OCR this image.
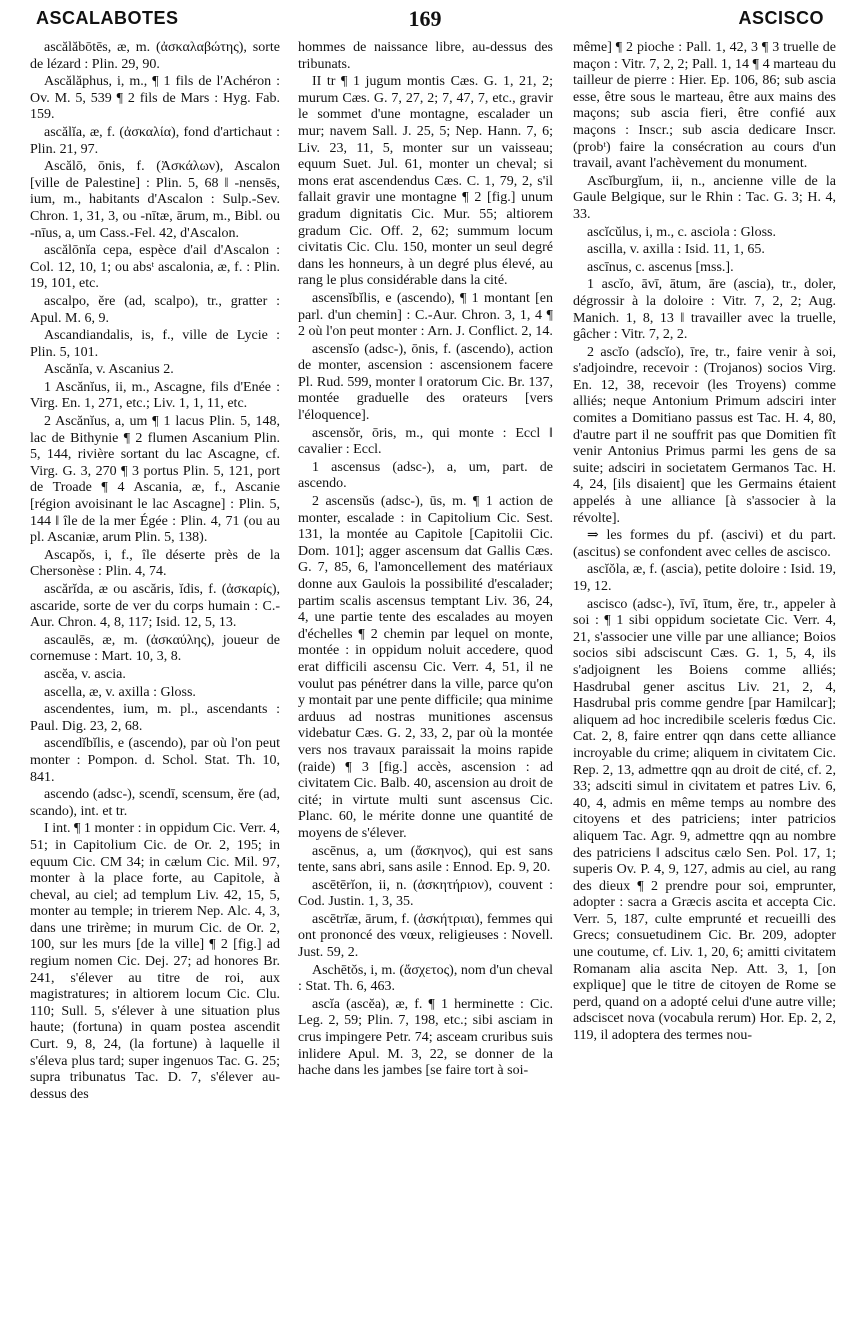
ASCALABOTES	169	ASCISCO

ascălăbōtēs, æ, m. (ἀσκαλαβώτης), sorte de lézard : Plin. 29, 90.

Ascălăphus, i, m., ¶ 1 fils de l'Achéron : Ov. M. 5, 539 ¶ 2 fils de Mars : Hyg. Fab. 159.

ascălĭa, æ, f. (ἀσκαλία), fond d'artichaut : Plin. 21, 97.

Ascălō, ōnis, f. (Ἀσκάλων), Ascalon [ville de Palestine] : Plin. 5, 68 ‖ -nensēs, ium, m., habitants d'Ascalon : Sulp.-Sev. Chron. 1, 31, 3, ou -nītæ, ārum, m., Bibl. ou -nīus, a, um Cass.-Fel. 42, d'Ascalon.

ascălōnĭa cepa, espèce d'ail d'Ascalon : Col. 12, 10, 1; ou absᵗ ascalonia, æ, f. : Plin. 19, 101, etc.

ascalpo, ĕre (ad, scalpo), tr., gratter : Apul. M. 6, 9.

Ascandiandalis, is, f., ville de Lycie : Plin. 5, 101.

Ascănĭa, v. Ascanius 2.

1 Ascănĭus, ii, m., Ascagne, fils d'Enée : Virg. En. 1, 271, etc.; Liv. 1, 1, 11, etc.

2 Ascănĭus, a, um ¶ 1 lacus Plin. 5, 148, lac de Bithynie ¶ 2 flumen Ascanium Plin. 5, 144, rivière sortant du lac Ascagne, cf. Virg. G. 3, 270 ¶ 3 portus Plin. 5, 121, port de Troade ¶ 4 Ascania, æ, f., Ascanie [région avoisinant le lac Ascagne] : Plin. 5, 144 ‖ île de la mer Égée : Plin. 4, 71 (ou au pl. Ascaniæ, arum Plin. 5, 138).

Ascapŏs, i, f., île déserte près de la Chersonèse : Plin. 4, 74.

ascărĭda, æ ou ascăris, ĭdis, f. (ἀσκαρίς), ascaride, sorte de ver du corps humain : C.-Aur. Chron. 4, 8, 117; Isid. 12, 5, 13.

ascaulēs, æ, m. (ἀσκαύλης), joueur de cornemuse : Mart. 10, 3, 8.

ascĕa, v. ascia.

ascella, æ, v. axilla : Gloss.

ascendentes, ium, m. pl., ascendants : Paul. Dig. 23, 2, 68.

ascendĭbĭlis, e (ascendo), par où l'on peut monter : Pompon. d. Schol. Stat. Th. 10, 841.

ascendo (adsc-), scendī, scensum, ĕre (ad, scando), int. et tr.

I int. ¶ 1 monter : in oppidum Cic. Verr. 4, 51; in Capitolium Cic. de Or. 2, 195; in equum Cic. CM 34; in cælum Cic. Mil. 97, monter à la place forte, au Capitole, à cheval, au ciel; ad templum Liv. 42, 15, 5, monter au temple; in trierem Nep. Alc. 4, 3, dans une trirème; in murum Cic. de Or. 2, 100, sur les murs [de la ville] ¶ 2 [fig.] ad regium nomen Cic. Dej. 27; ad honores Br. 241, s'élever au titre de roi, aux magistratures; in altiorem locum Cic. Clu. 110; Sull. 5, s'élever à une situation plus haute; (fortuna) in quam postea ascendit Curt. 9, 8, 24, (la fortune) à laquelle il s'éleva plus tard; super ingenuos Tac. G. 25; supra tribunatus Tac. D. 7, s'élever au-dessus des

hommes de naissance libre, au-dessus des tribunats.

II tr ¶ 1 jugum montis Cæs. G. 1, 21, 2; murum Cæs. G. 7, 27, 2; 7, 47, 7, etc., gravir le sommet d'une montagne, escalader un mur; navem Sall. J. 25, 5; Nep. Hann. 7, 6; Liv. 23, 11, 5, monter sur un vaisseau; equum Suet. Jul. 61, monter un cheval; si mons erat ascendendus Cæs. C. 1, 79, 2, s'il fallait gravir une montagne ¶ 2 [fig.] unum gradum dignitatis Cic. Mur. 55; altiorem gradum Cic. Off. 2, 62; summum locum civitatis Cic. Clu. 150, monter un seul degré dans les honneurs, à un degré plus élevé, au rang le plus considérable dans la cité.

ascensĭbĭlis, e (ascendo), ¶ 1 montant [en parl. d'un chemin] : C.-Aur. Chron. 3, 1, 4 ¶ 2 où l'on peut monter : Arn. J. Conflict. 2, 14.

ascensĭo (adsc-), ōnis, f. (ascendo), action de monter, ascension : ascensionem facere Pl. Rud. 599, monter ‖ oratorum Cic. Br. 137, montée graduelle des orateurs [vers l'éloquence].

ascensŏr, ōris, m., qui monte : Eccl ‖ cavalier : Eccl.

1 ascensus (adsc-), a, um, part. de ascendo.

2 ascensŭs (adsc-), ūs, m. ¶ 1 action de monter, escalade : in Capitolium Cic. Sest. 131, la montée au Capitole [Capitolii Cic. Dom. 101]; agger ascensum dat Gallis Cæs. G. 7, 85, 6, l'amoncellement des matériaux donne aux Gaulois la possibilité d'escalader; partim scalis ascensus temptant Liv. 36, 24, 4, une partie tente des escalades au moyen d'échelles ¶ 2 chemin par lequel on monte, montée : in oppidum noluit accedere, quod erat difficili ascensu Cic. Verr. 4, 51, il ne voulut pas pénétrer dans la ville, parce qu'on y montait par une pente difficile; qua minime arduus ad nostras munitiones ascensus videbatur Cæs. G. 2, 33, 2, par où la montée vers nos travaux paraissait la moins rapide (raide) ¶ 3 [fig.] accès, ascension : ad civitatem Cic. Balb. 40, ascension au droit de cité; in virtute multi sunt ascensus Cic. Planc. 60, le mérite donne une quantité de moyens de s'élever.

ascēnus, a, um (ἄσκηνος), qui est sans tente, sans abri, sans asile : Ennod. Ep. 9, 20.

ascētērĭon, ii, n. (ἀσκητήριον), couvent : Cod. Justin. 1, 3, 35.

ascētrĭæ, ārum, f. (ἀσκήτριαι), femmes qui ont prononcé des vœux, religieuses : Novell. Just. 59, 2.

Aschētŏs, i, m. (ἄσχετος), nom d'un cheval : Stat. Th. 6, 463.

ascĭa (ascĕa), æ, f. ¶ 1 herminette : Cic. Leg. 2, 59; Plin. 7, 198, etc.; sibi asciam in crus impingere Petr. 74; asceam cruribus suis inlidere Apul. M. 3, 22, se donner de la hache dans les jambes [se faire tort à soi-

même] ¶ 2 pioche : Pall. 1, 42, 3 ¶ 3 truelle de maçon : Vitr. 7, 2, 2; Pall. 1, 14 ¶ 4 marteau du tailleur de pierre : Hier. Ep. 106, 86; sub ascia esse, être sous le marteau, être aux mains des maçons; sub ascia fieri, être confié aux maçons : Inscr.; sub ascia dedicare Inscr. (probᵗ) faire la consécration au cours d'un travail, avant l'achèvement du monument.

Ascĭburgĭum, ii, n., ancienne ville de la Gaule Belgique, sur le Rhin : Tac. G. 3; H. 4, 33.

ascĭcŭlus, i, m., c. asciola : Gloss.

ascilla, v. axilla : Isid. 11, 1, 65.

ascīnus, c. ascenus [mss.].

1 ascĭo, āvī, ātum, āre (ascia), tr., doler, dégrossir à la doloire : Vitr. 7, 2, 2; Aug. Manich. 1, 8, 13 ‖ travailler avec la truelle, gâcher : Vitr. 7, 2, 2.

2 ascĭo (adscĭo), īre, tr., faire venir à soi, s'adjoindre, recevoir : (Trojanos) socios Virg. En. 12, 38, recevoir (les Troyens) comme alliés; neque Antonium Primum adsciri inter comites a Domitiano passus est Tac. H. 4, 80, d'autre part il ne souffrit pas que Domitien fît venir Antonius Primus parmi les gens de sa suite; adsciri in societatem Germanos Tac. H. 4, 24, [ils disaient] que les Germains étaient appelés à une alliance [à s'associer à la révolte].

⇒ les formes du pf. (ascivi) et du part. (ascitus) se confondent avec celles de ascisco.

ascĭŏla, æ, f. (ascia), petite doloire : Isid. 19, 19, 12.

ascisco (adsc-), īvī, ītum, ĕre, tr., appeler à soi : ¶ 1 sibi oppidum societate Cic. Verr. 4, 21, s'associer une ville par une alliance; Boios socios sibi adsciscunt Cæs. G. 1, 5, 4, ils s'adjoignent les Boiens comme alliés; Hasdrubal gener ascitus Liv. 21, 2, 4, Hasdrubal pris comme gendre [par Hamilcar]; aliquem ad hoc incredibile sceleris fœdus Cic. Cat. 2, 8, faire entrer qqn dans cette alliance incroyable du crime; aliquem in civitatem Cic. Rep. 2, 13, admettre qqn au droit de cité, cf. 2, 33; adsciti simul in civitatem et patres Liv. 6, 40, 4, admis en même temps au nombre des citoyens et des patriciens; inter patricios aliquem Tac. Agr. 9, admettre qqn au nombre des patriciens ‖ adscitus cælo Sen. Pol. 17, 1; superis Ov. P. 4, 9, 127, admis au ciel, au rang des dieux ¶ 2 prendre pour soi, emprunter, adopter : sacra a Græcis ascita et accepta Cic. Verr. 5, 187, culte emprunté et recueilli des Grecs; consuetudinem Cic. Br. 209, adopter une coutume, cf. Liv. 1, 20, 6; amitti civitatem Romanam alia ascita Nep. Att. 3, 1, [on explique] que le titre de citoyen de Rome se perd, quand on a adopté celui d'une autre ville; adsciscet nova (vocabula rerum) Hor. Ep. 2, 2, 119, il adoptera des termes nou-
